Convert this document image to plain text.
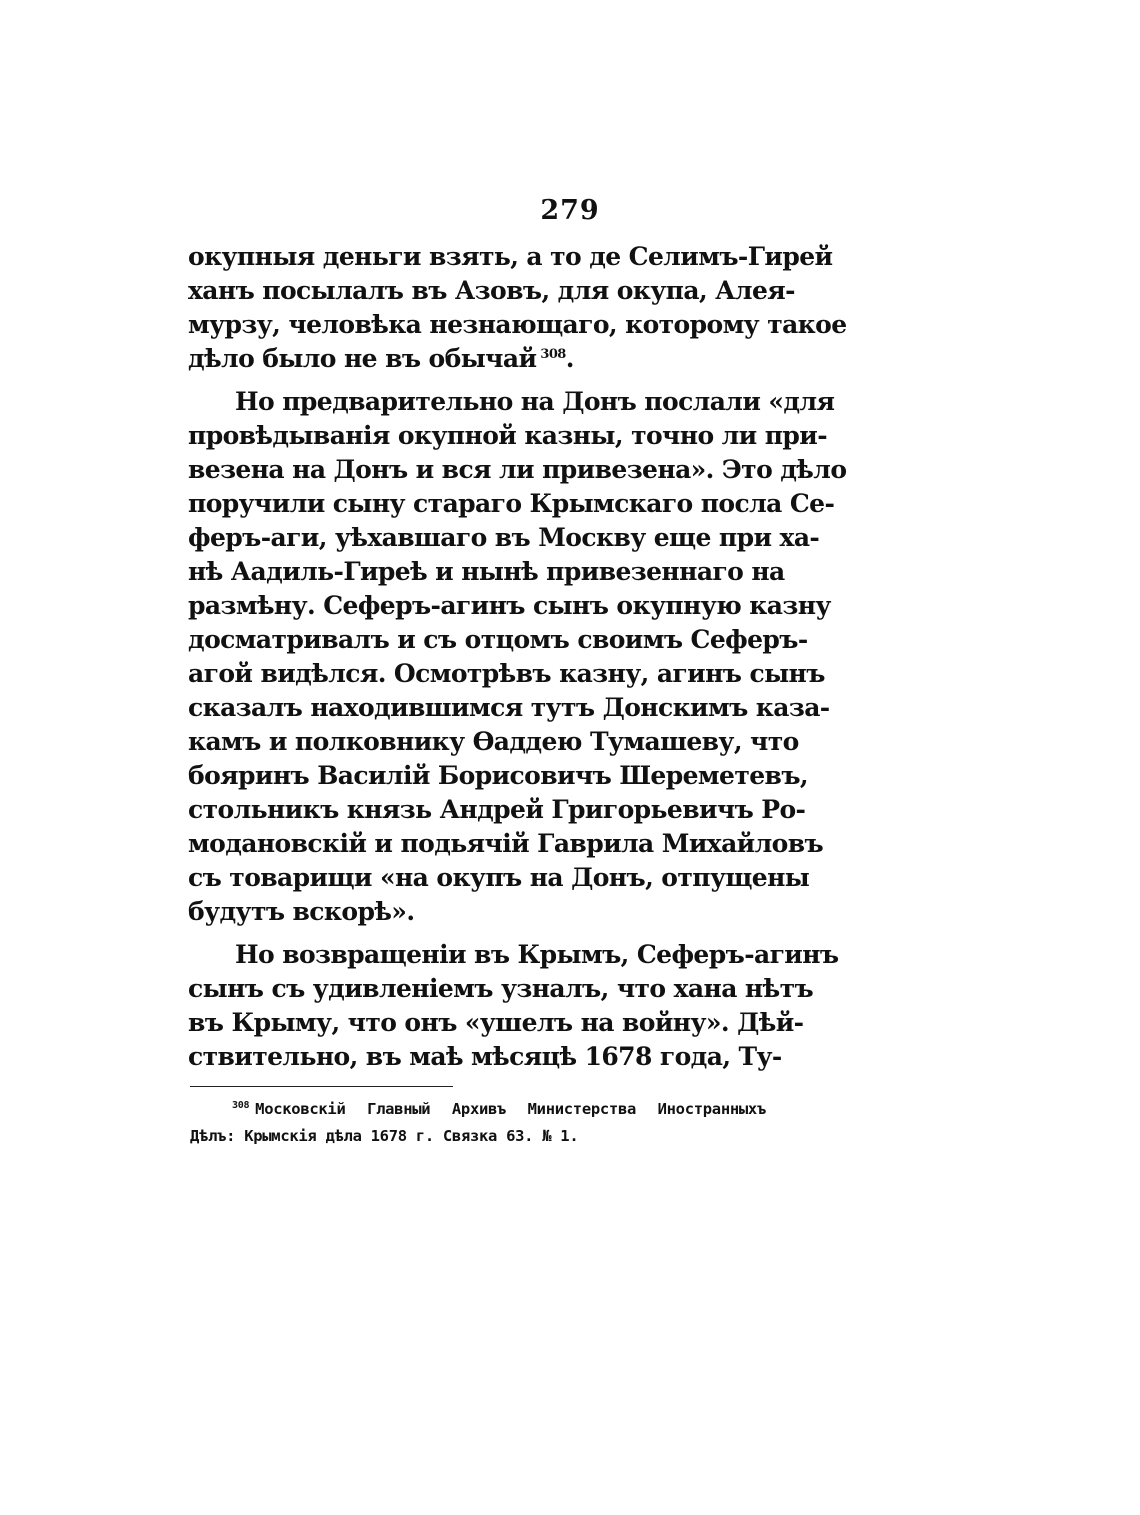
279
окупныя деньги взять, а то де Селимъ-Гирей
ханъ посылалъ въ Азовъ, для окупа, Алея-
мурзу, человѣка незнающаго, которому такое
дѣло было не въ обычай $^{308}$.
Но предварительно на Донъ послали «для
провѣдыванія окупной казны, точно ли при-
везена на Донъ и вся ли привезена». Это дѣло
поручили сыну стараго Крымскаго посла Се-
феръ-аги, уѣхавшаго въ Москву еще при ха-
нѣ Аадиль-Гиреѣ и нынѣ привезеннаго на
размѣну. Сеферъ-агинъ сынъ окупную казну
досматривалъ и съ отцомъ своимъ Сеферъ-
агой видѣлся. Осмотрѣвъ казну, агинъ сынъ
сказалъ находившимся тутъ Донскимъ каза-
камъ и полковнику Ѳаддею Тумашеву, что
бояринъ Василій Борисовичъ Шереметевъ,
стольникъ князь Андрей Григорьевичъ Ро-
модановскій и подьячій Гаврила Михайловъ
съ товарищи «на окупъ на Донъ, отпущены
будутъ вскорѣ».
Но возвращеніи въ Крымъ, Сеферъ-агинъ
сынъ съ удивленіемъ узналъ, что хана нѣтъ
въ Крыму, что онъ «ушелъ на войну». Дѣй-
ствительно, въ маѣ мѣсяцѣ 1678 года, Ту-
$^{308}$ Московскій Главный Архивъ Министерства Иностранныхъ
Дѣлъ: Крымскія дѣла 1678 г. Связка 63. № 1.
